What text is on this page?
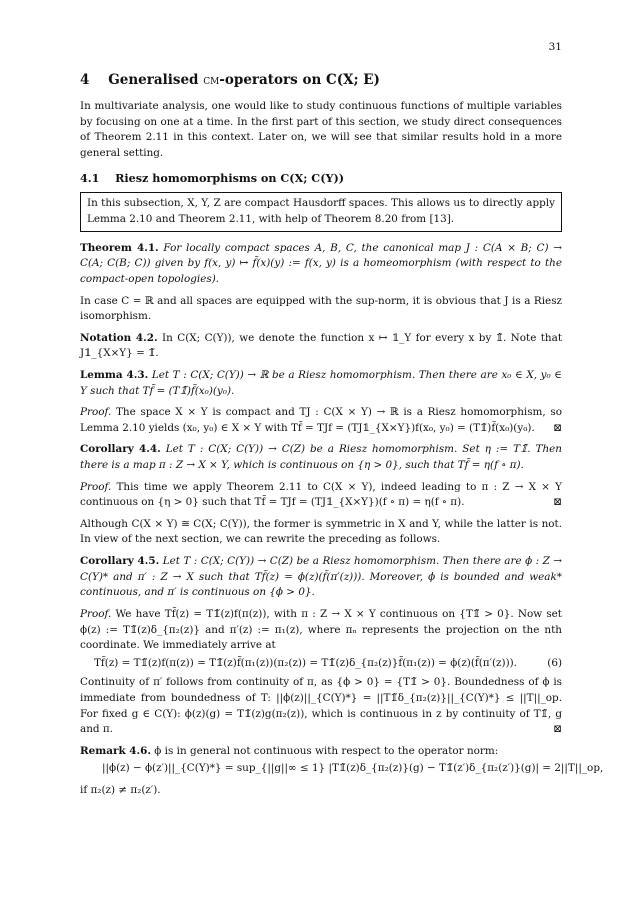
31
4 Generalised cm-operators on C(X; E)

In multivariate analysis, one would like to study continuous functions of multiple variables by focusing on one at a time. In the first part of this section, we study direct consequences of Theorem 2.11 in this context. Later on, we will see that similar results hold in a more general setting.

4.1 Riesz homomorphisms on C(X; C(Y))

In this subsection, X, Y, Z are compact Hausdorff spaces. This allows us to directly apply Lemma 2.10 and Theorem 2.11, with help of Theorem 8.20 from [13].

Theorem 4.1. For locally compact spaces A, B, C, the canonical map J : C(A × B; C) → C(A; C(B; C)) given by f(x, y) ↦ f̃(x)(y) := f(x, y) is a homeomorphism (with respect to the compact-open topologies).

In case C = ℝ and all spaces are equipped with the sup-norm, it is obvious that J is a Riesz isomorphism.

Notation 4.2. In C(X; C(Y)), we denote the function x ↦ 𝟙_Y for every x by 𝟙̃. Note that J𝟙_{X×Y} = 𝟙̃.
Lemma 4.3. Let T : C(X; C(Y)) → ℝ be a Riesz homomorphism. Then there are x₀ ∈ X, y₀ ∈ Y such that Tf̃ = (T𝟙̃)f̃(x₀)(y₀).
Proof. The space X × Y is compact and TJ : C(X × Y) → ℝ is a Riesz homomorphism, so Lemma 2.10 yields (x₀, y₀) ∈ X × Y with Tf̃ = TJf = (TJ𝟙_{X×Y})f(x₀, y₀) = (T𝟙̃)f̃(x₀)(y₀). ⊠
Corollary 4.4. Let T : C(X; C(Y)) → C(Z) be a Riesz homomorphism. Set η := T𝟙̃. Then there is a map π : Z → X × Y, which is continuous on {η > 0}, such that Tf̃ = η(f ∘ π).
Proof. This time we apply Theorem 2.11 to C(X × Y), indeed leading to π : Z → X × Y continuous on {η > 0} such that Tf̃ = TJf = (TJ𝟙_{X×Y})(f ∘ π) = η(f ∘ π).	⊠

Although C(X × Y) ≅ C(X; C(Y)), the former is symmetric in X and Y, while the latter is not. In view of the next section, we can rewrite the preceding as follows.

Corollary 4.5. Let T : C(X; C(Y)) → C(Z) be a Riesz homomorphism. Then there are ϕ : Z → C(Y)* and π′ : Z → X such that Tf̃(z) = ϕ(z)(f̃(π′(z))). Moreover, ϕ is bounded and weak* continuous, and π′ is continuous on {ϕ > 0}.
Proof. We have Tf̃(z) = T𝟙̃(z)f(π(z)), with π : Z → X × Y continuous on {T𝟙̃ > 0}. Now set ϕ(z) := T𝟙̃(z)δ_{π₂(z)} and π′(z) := π₁(z), where πₙ represents the projection on the nth coordinate. We immediately arrive at
Tf̃(z) = T𝟙̃(z)f(π(z)) = T𝟙̃(z)f̃(π₁(z))(π₂(z)) = T𝟙̃(z)δ_{π₂(z)}f̃(π₁(z)) = ϕ(z)(f̃(π′(z))).	(6)
Continuity of π′ follows from continuity of π, as {ϕ > 0} = {T𝟙̃ > 0}. Boundedness of ϕ is immediate from boundedness of T: ||ϕ(z)||_{C(Y)*} = ||T𝟙̃δ_{π₂(z)}||_{C(Y)*} ≤ ||T||_op. For fixed g ∈ C(Y): ϕ(z)(g) = T𝟙̃(z)g(π₂(z)), which is continuous in z by continuity of T𝟙̃, g and π.	⊠
Remark 4.6. ϕ is in general not continuous with respect to the operator norm:
||ϕ(z) − ϕ(z′)||_{C(Y)*} = sup_{||g||∞ ≤ 1} |T𝟙̃(z)δ_{π₂(z)}(g) − T𝟙̃(z′)δ_{π₂(z′)}(g)| = 2||T||_op,
if π₂(z) ≠ π₂(z′).
